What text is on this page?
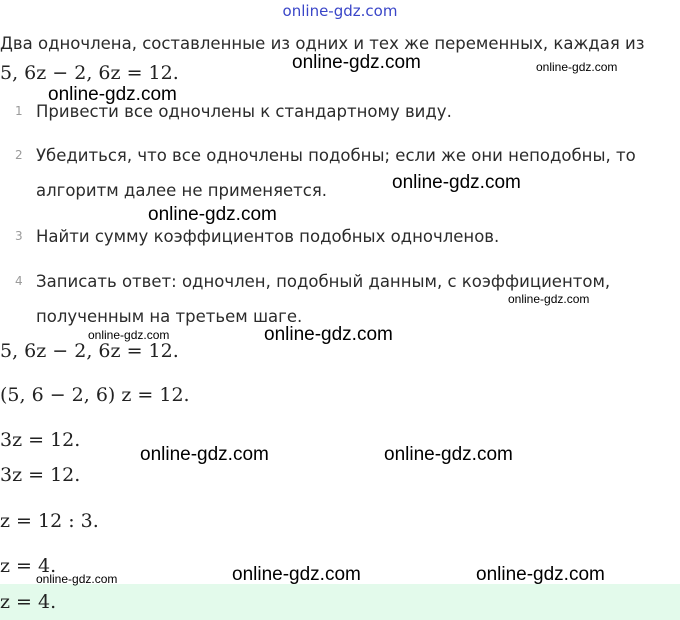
online-gdz.com
Два одночлена, составленные из одних и тех же переменных, каждая из
5, 6z − 2, 6z = 12.
1 Привести все одночлены к стандартному виду.
2 Убедиться, что все одночлены подобны; если же они неподобны, то алгоритм далее не применяется.
3 Найти сумму коэффициентов подобных одночленов.
4 Записать ответ: одночлен, подобный данным, с коэффициентом, полученным на третьем шаге.
5, 6z − 2, 6z = 12.
(5, 6 − 2, 6) z = 12.
3z = 12.
3z = 12.
z = 12 : 3.
z = 4.
z = 4.
online-gdz.com	online-gdz.com
online-gdz.com
online-gdz.com
online-gdz.com
online-gdz.com
online-gdz.com
online-gdz.com
online-gdz.com	online-gdz.com
online-gdz.com	online-gdz.com	online-gdz.com
